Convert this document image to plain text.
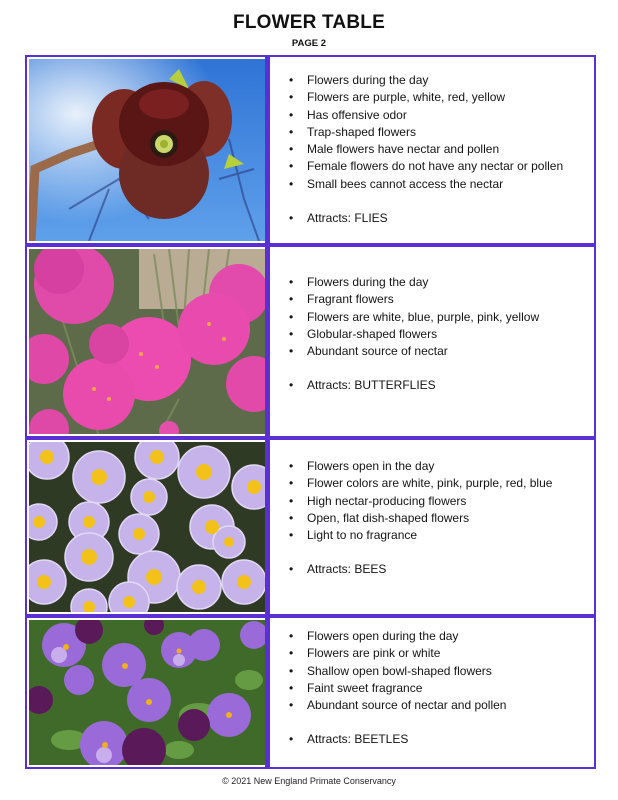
FLOWER TABLE
PAGE 2
• Flowers during the day
• Flowers are purple, white, red, yellow
• Has offensive odor
• Trap-shaped flowers
• Male flowers have nectar and pollen
• Female flowers do not have any nectar or pollen
• Small bees cannot access the nectar
• Attracts: FLIES
• Flowers during the day
• Fragrant flowers
• Flowers are white, blue, purple, pink, yellow
• Globular-shaped flowers
• Abundant source of nectar
• Attracts: BUTTERFLIES
• Flowers open in the day
• Flower colors are white, pink, purple, red, blue
• High nectar-producing flowers
• Open, flat dish-shaped flowers
• Light to no fragrance
• Attracts: BEES
• Flowers open during the day
• Flowers are pink or white
• Shallow open bowl-shaped flowers
• Faint sweet fragrance
• Abundant source of nectar and pollen
• Attracts: BEETLES
© 2021 New England Primate Conservancy
